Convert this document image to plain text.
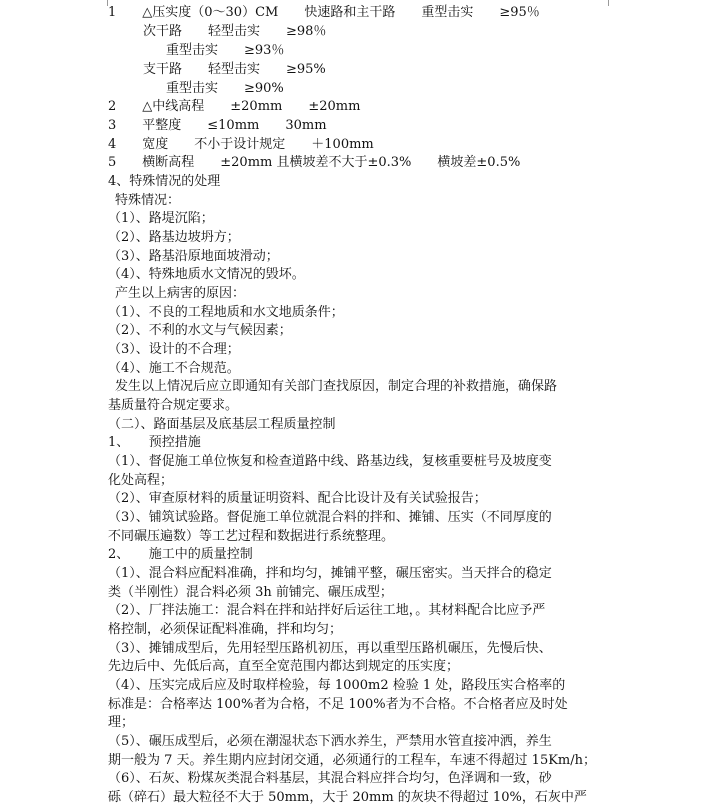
1　　△压实度（0～30）CM　　快速路和主干路　　重型击实　　≥95％
次干路　　轻型击实　　≥98％
重型击实　　≥93％
支干路　　轻型击实　　≥95%
重型击实　　≥90%
2　　△中线高程　　±20mm　　±20mm
3　　平整度　　≤10mm　　30mm
4　　宽度　　不小于设计规定　　＋100mm
5　　横断高程　　±20mm 且横坡差不大于±0.3%　　横坡差±0.5%
4、特殊情况的处理
特殊情况：
（1）、路堤沉陷；
（2）、路基边坡坍方；
（3）、路基沿原地面坡滑动；
（4）、特殊地质水文情况的毁坏。
产生以上病害的原因：
（1）、不良的工程地质和水文地质条件；
（2）、不利的水文与气候因素；
（3）、设计的不合理；
（4）、施工不合规范。
发生以上情况后应立即通知有关部门查找原因，制定合理的补救措施，确保路
基质量符合规定要求。
（二）、路面基层及底基层工程质量控制
1、　　预控措施
（1）、督促施工单位恢复和检查道路中线、路基边线，复核重要桩号及坡度变
化处高程；
（2）、审查原材料的质量证明资料、配合比设计及有关试验报告；
（3）、铺筑试验路。督促施工单位就混合料的拌和、摊铺、压实（不同厚度的
不同碾压遍数）等工艺过程和数据进行系统整理。
2、　　施工中的质量控制
（1）、混合料应配料准确，拌和均匀，摊铺平整，碾压密实。当天拌合的稳定
类（半刚性）混合料必须 3h 前铺完、碾压成型；
（2）、厂拌法施工：混合料在拌和站拌好后运往工地，。其材料配合比应予严
格控制，必须保证配料准确，拌和均匀；
（3）、摊铺成型后，先用轻型压路机初压，再以重型压路机碾压，先慢后快、
先边后中、先低后高，直至全宽范围内都达到规定的压实度；
（4）、压实完成后应及时取样检验，每 1000m2 检验 1 处，路段压实合格率的
标准是：合格率达 100%者为合格，不足 100%者为不合格。不合格者应及时处
理；
（5）、碾压成型后，必须在潮湿状态下洒水养生，严禁用水管直接冲洒，养生
期一般为 7 天。养生期内应封闭交通，必须通行的工程车，车速不得超过 15Km/h；
（6）、石灰、粉煤灰类混合料基层，其混合料应拌合均匀，色泽调和一致，砂
砾（碎石）最大粒径不大于 50mm，大于 20mm 的灰块不得超过 10%，石灰中严
